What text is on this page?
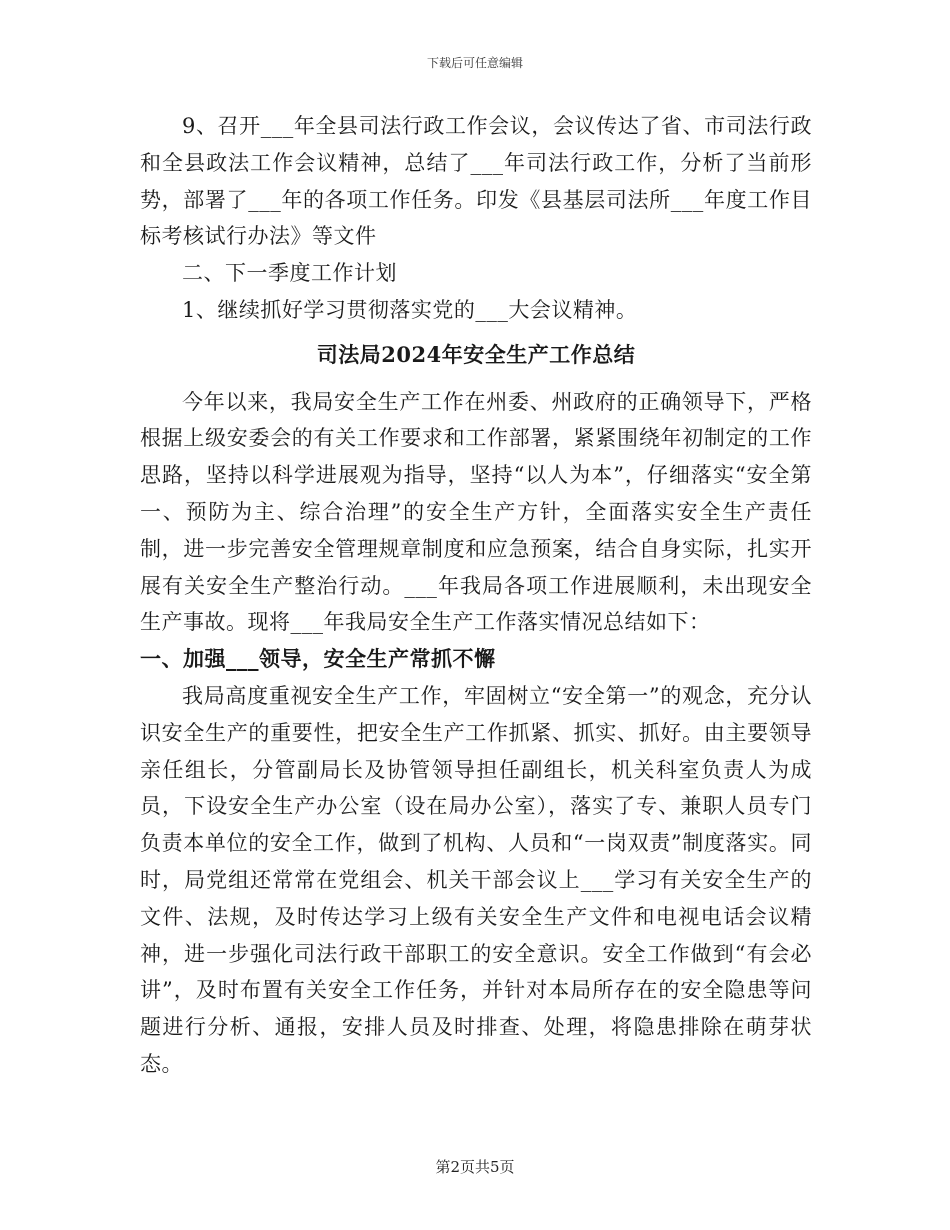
下载后可任意编辑

9、召开___年全县司法行政工作会议，会议传达了省、市司法行政和全县政法工作会议精神，总结了___年司法行政工作，分析了当前形势，部署了___年的各项工作任务。印发《县基层司法所___年度工作目标考核试行办法》等文件

二、下一季度工作计划

1、继续抓好学习贯彻落实党的___大会议精神。

司法局2024年安全生产工作总结

今年以来，我局安全生产工作在州委、州政府的正确领导下，严格根据上级安委会的有关工作要求和工作部署，紧紧围绕年初制定的工作思路，坚持以科学进展观为指导，坚持“以人为本”，仔细落实“安全第一、预防为主、综合治理”的安全生产方针，全面落实安全生产责任制，进一步完善安全管理规章制度和应急预案，结合自身实际，扎实开展有关安全生产整治行动。___年我局各项工作进展顺利，未出现安全生产事故。现将___年我局安全生产工作落实情况总结如下：

一、加强___领导，安全生产常抓不懈

我局高度重视安全生产工作，牢固树立“安全第一”的观念，充分认识安全生产的重要性，把安全生产工作抓紧、抓实、抓好。由主要领导亲任组长，分管副局长及协管领导担任副组长，机关科室负责人为成员，下设安全生产办公室（设在局办公室），落实了专、兼职人员专门负责本单位的安全工作，做到了机构、人员和“一岗双责”制度落实。同时，局党组还常常在党组会、机关干部会议上___学习有关安全生产的文件、法规，及时传达学习上级有关安全生产文件和电视电话会议精神，进一步强化司法行政干部职工的安全意识。安全工作做到“有会必讲”，及时布置有关安全工作任务，并针对本局所存在的安全隐患等问题进行分析、通报，安排人员及时排查、处理，将隐患排除在萌芽状态。

第2页共5页
